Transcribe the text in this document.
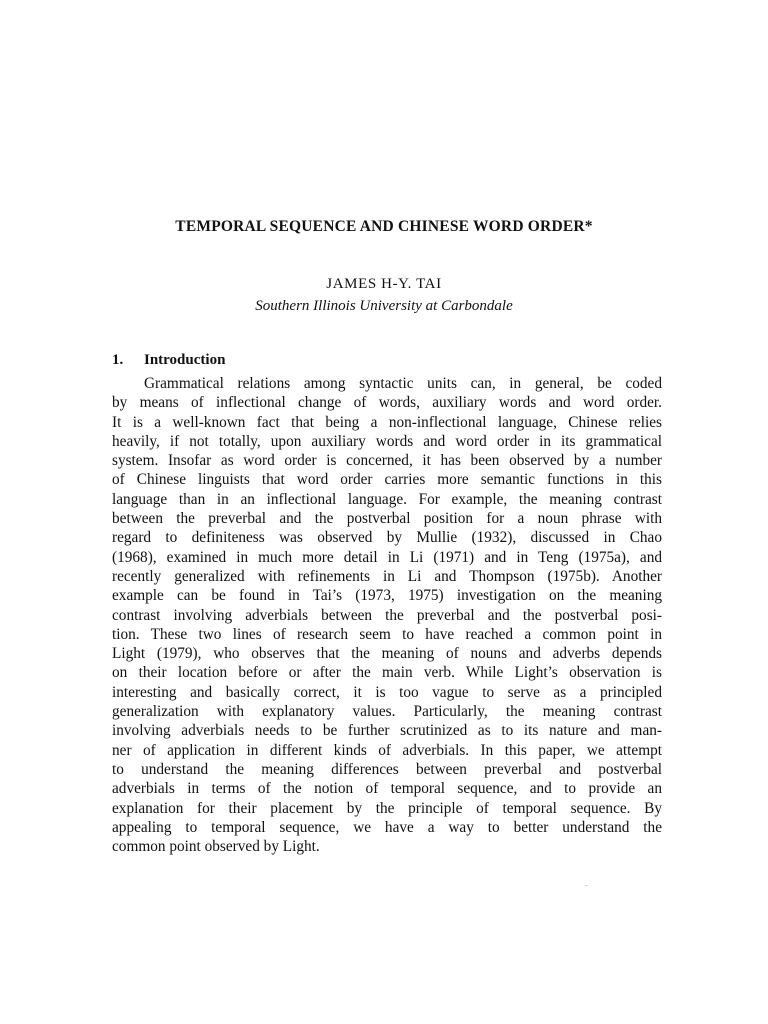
TEMPORAL SEQUENCE AND CHINESE WORD ORDER*
JAMES H-Y. TAI
Southern Illinois University at Carbondale
1. Introduction
Grammatical relations among syntactic units can, in general, be coded
by means of inflectional change of words, auxiliary words and word order.
It is a well-known fact that being a non-inflectional language, Chinese relies
heavily, if not totally, upon auxiliary words and word order in its grammatical
system. Insofar as word order is concerned, it has been observed by a number
of Chinese linguists that word order carries more semantic functions in this
language than in an inflectional language. For example, the meaning contrast
between the preverbal and the postverbal position for a noun phrase with
regard to definiteness was observed by Mullie (1932), discussed in Chao
(1968), examined in much more detail in Li (1971) and in Teng (1975a), and
recently generalized with refinements in Li and Thompson (1975b). Another
example can be found in Tai’s (1973, 1975) investigation on the meaning
contrast involving adverbials between the preverbal and the postverbal posi-
tion. These two lines of research seem to have reached a common point in
Light (1979), who observes that the meaning of nouns and adverbs depends
on their location before or after the main verb. While Light’s observation is
interesting and basically correct, it is too vague to serve as a principled
generalization with explanatory values. Particularly, the meaning contrast
involving adverbials needs to be further scrutinized as to its nature and man-
ner of application in different kinds of adverbials. In this paper, we attempt
to understand the meaning differences between preverbal and postverbal
adverbials in terms of the notion of temporal sequence, and to provide an
explanation for their placement by the principle of temporal sequence. By
appealing to temporal sequence, we have a way to better understand the
common point observed by Light.
